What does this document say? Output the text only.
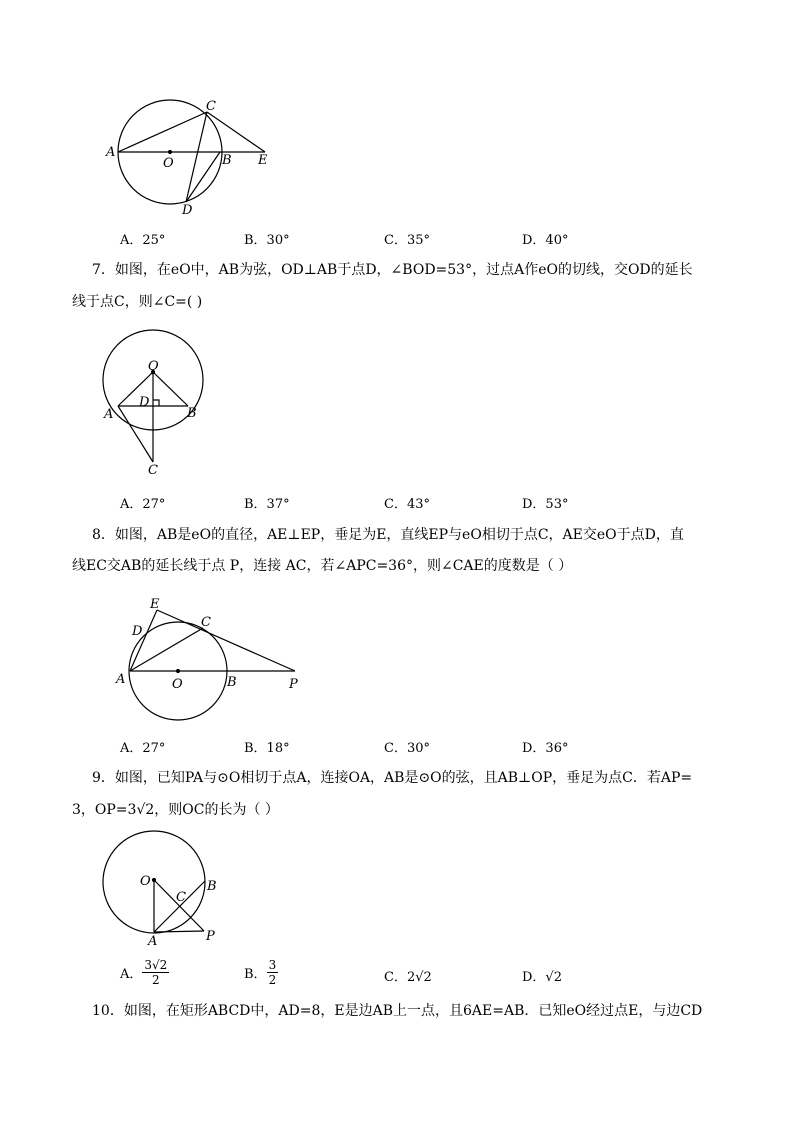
A
O	B E
C
D
A．25°	B．30°	C．35°	D．40°
7．如图，在eO中，AB为弦，OD⊥AB于点D，∠BOD=53°，过点A作eO的切线，交OD的延长
线于点C，则∠C=( )
O
A
D
B
C
A．27°	B．37°	C．43°	D．53°
8．如图，AB是eO的直径，AE⊥EP，垂足为E，直线EP与eO相切于点C，AE交eO于点D，直
线EC交AB的延长线于点 P，连接 AC，若∠APC=36°，则∠CAE的度数是（ ）
E
D
C
A	O	B	P
A．27°	B．18°	C．30°	D．36°
9．如图，已知PA与⊙O相切于点A，连接OA，AB是⊙O的弦，且AB⊥OP，垂足为点C．若AP=
3，OP=3√2，则OC的长为（ ）
O
C
B
A	P
A． $\frac{3√2}{2}$	B． $\frac{3}{2}$	C．2√2	D．√2
10．如图，在矩形ABCD中，AD=8，E是边AB上一点，且6AE=AB．已知eO经过点E，与边CD
